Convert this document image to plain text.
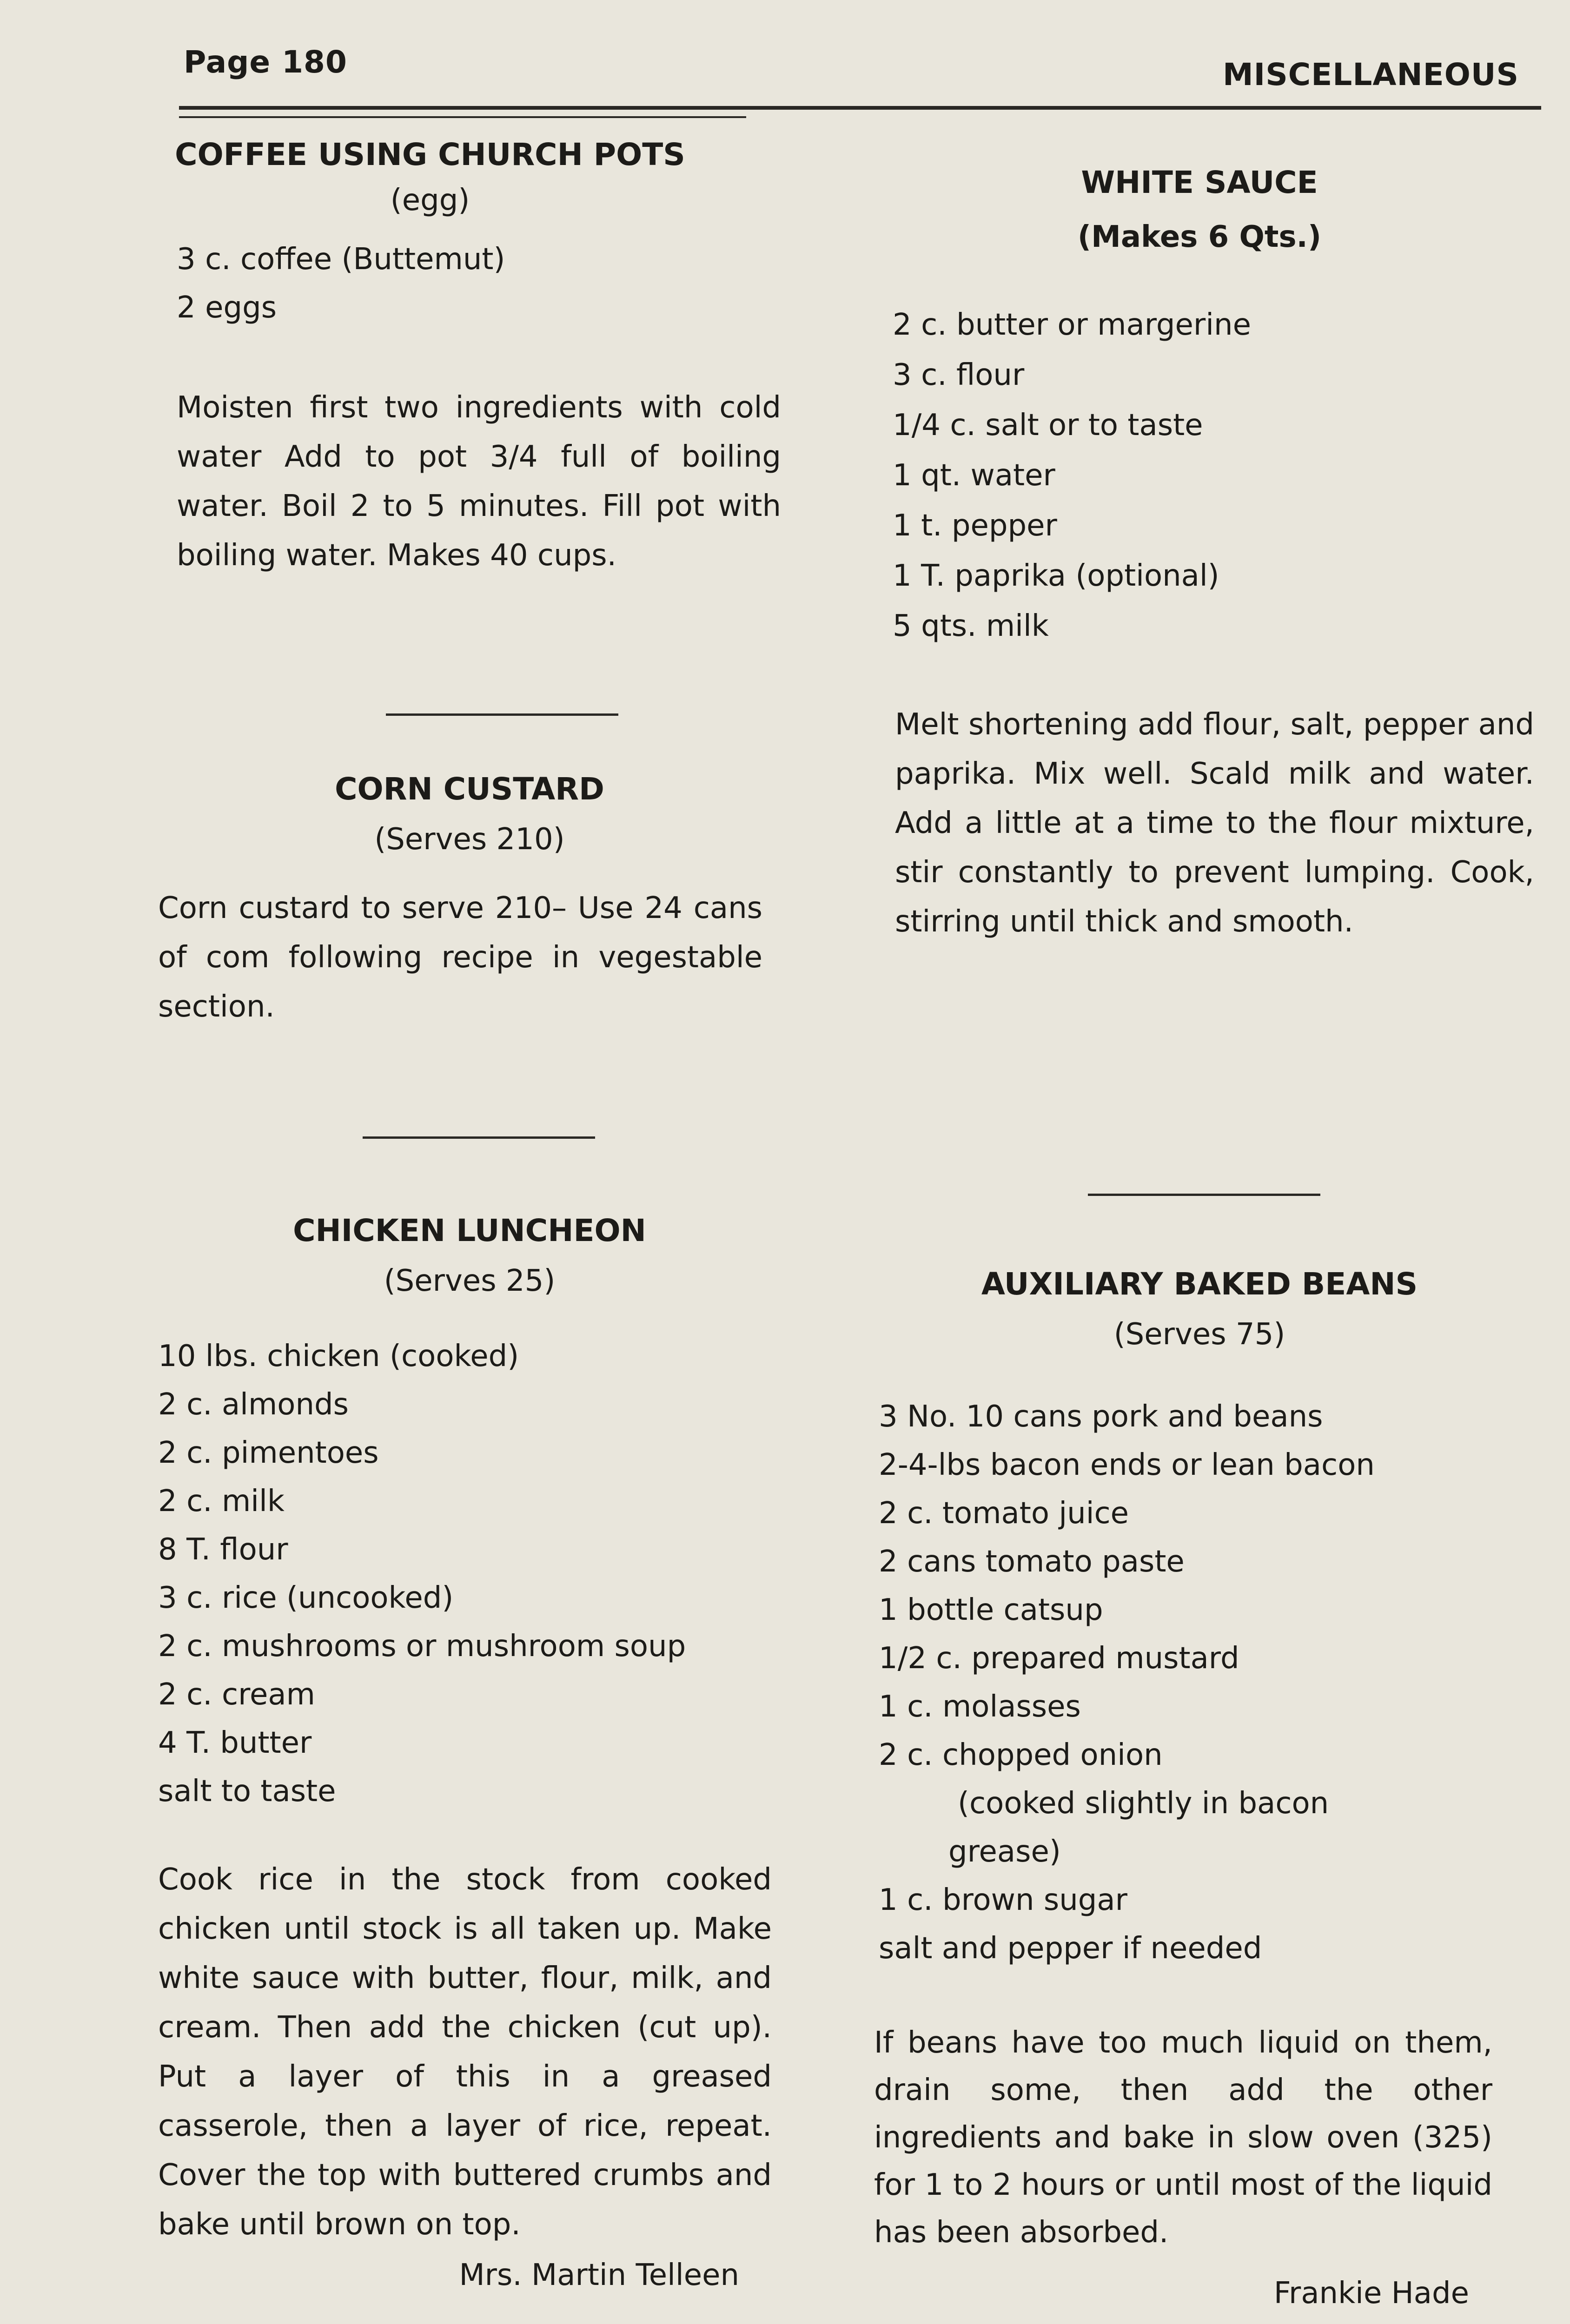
Page 180	MISCELLANEOUS
COFFEE USING CHURCH POTS
(egg)
3 c. coffee (Buttemut)
2 eggs
Moisten first two ingredients with cold water Add to pot 3/4 full of boiling water. Boil 2 to 5 minutes. Fill pot with boiling water. Makes 40 cups.
CORN CUSTARD
(Serves 210)
Corn custard to serve 210– Use 24 cans of com following recipe in vegestable section.
CHICKEN LUNCHEON
(Serves 25)
10 lbs. chicken (cooked)
2 c. almonds
2 c. pimentoes
2 c. milk
8 T. flour
3 c. rice (uncooked)
2 c. mushrooms or mushroom soup
2 c. cream
4 T. butter
salt to taste
Cook rice in the stock from cooked chicken until stock is all taken up. Make white sauce with butter, flour, milk, and cream. Then add the chicken (cut up). Put a layer of this in a greased casserole, then a layer of rice, repeat. Cover the top with buttered crumbs and bake until brown on top.
Mrs. Martin Telleen
WHITE SAUCE
(Makes 6 Qts.)
2 c. butter or margerine
3 c. flour
1/4 c. salt or to taste
1 qt. water
1 t. pepper
1 T. paprika (optional)
5 qts. milk
Melt shortening add flour, salt, pepper and paprika. Mix well. Scald milk and water. Add a little at a time to the flour mixture, stir constantly to prevent lumping. Cook, stirring until thick and smooth.
AUXILIARY BAKED BEANS
(Serves 75)
3 No. 10 cans pork and beans
2-4-lbs bacon ends or lean bacon
2 c. tomato juice
2 cans tomato paste
1 bottle catsup
1/2 c. prepared mustard
1 c. molasses
2 c. chopped onion
(cooked slightly in bacon
grease)
1 c. brown sugar
salt and pepper if needed
If beans have too much liquid on them, drain some, then add the other ingredients and bake in slow oven (325) for 1 to 2 hours or until most of the liquid has been absorbed.
Frankie Hade
